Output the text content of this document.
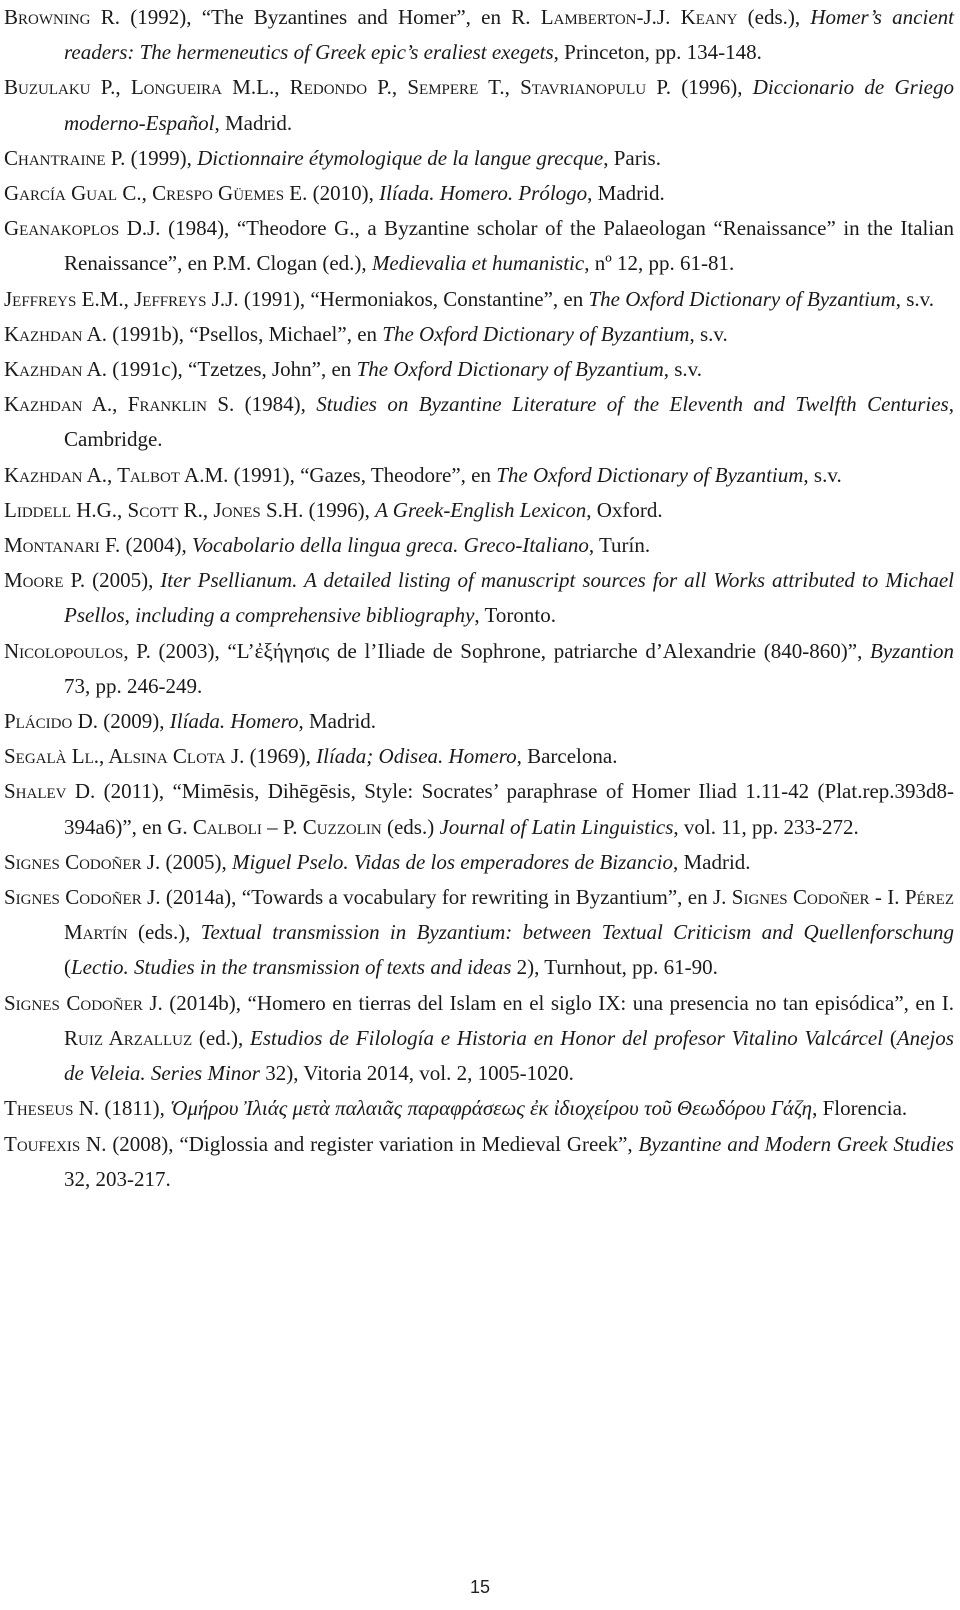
Browning R. (1992), “The Byzantines and Homer”, en R. Lamberton-J.J. Keany (eds.), Homer’s ancient readers: The hermeneutics of Greek epic’s eraliest exegets, Princeton, pp. 134-148.

Buzulaku P., Longueira M.L., Redondo P., Sempere T., Stavrianopulu P. (1996), Diccionario de Griego moderno-Español, Madrid.

Chantraine P. (1999), Dictionnaire étymologique de la langue grecque, Paris.

García Gual C., Crespo Güemes E. (2010), Ilíada. Homero. Prólogo, Madrid.

Geanakoplos D.J. (1984), “Theodore G., a Byzantine scholar of the Palaeologan “Renaissance” in the Italian Renaissance”, en P.M. Clogan (ed.), Medievalia et humanistic, nº 12, pp. 61-81.

Jeffreys E.M., Jeffreys J.J. (1991), “Hermoniakos, Constantine”, en The Oxford Dictionary of Byzantium, s.v.

Kazhdan A. (1991b), “Psellos, Michael”, en The Oxford Dictionary of Byzantium, s.v.

Kazhdan A. (1991c), “Tzetzes, John”, en The Oxford Dictionary of Byzantium, s.v.

Kazhdan A., Franklin S. (1984), Studies on Byzantine Literature of the Eleventh and Twelfth Centuries, Cambridge.

Kazhdan A., Talbot A.M. (1991), “Gazes, Theodore”, en The Oxford Dictionary of Byzantium, s.v.

Liddell H.G., Scott R., Jones S.H. (1996), A Greek-English Lexicon, Oxford.

Montanari F. (2004), Vocabolario della lingua greca. Greco-Italiano, Turín.

Moore P. (2005), Iter Psellianum. A detailed listing of manuscript sources for all Works attributed to Michael Psellos, including a comprehensive bibliography, Toronto.

Nicolopoulos, P. (2003), “L’ἐξήγησις de l’Iliade de Sophrone, patriarche d’Alexandrie (840-860)”, Byzantion 73, pp. 246-249.

Plácido D. (2009), Ilíada. Homero, Madrid.

Segalà Ll., Alsina Clota J. (1969), Ilíada; Odisea. Homero, Barcelona.

Shalev D. (2011), “Mimēsis, Dihēgēsis, Style: Socrates’ paraphrase of Homer Iliad 1.11-42 (Plat.rep.393d8-394a6)”, en G. Calboli – P. Cuzzolin (eds.) Journal of Latin Linguistics, vol. 11, pp. 233-272.

Signes Codoñer J. (2005), Miguel Pselo. Vidas de los emperadores de Bizancio, Madrid.

Signes Codoñer J. (2014a), “Towards a vocabulary for rewriting in Byzantium”, en J. Signes Codoñer - I. Pérez Martín (eds.), Textual transmission in Byzantium: between Textual Criticism and Quellenforschung (Lectio. Studies in the transmission of texts and ideas 2), Turnhout, pp. 61-90.

Signes Codoñer J. (2014b), “Homero en tierras del Islam en el siglo IX: una presencia no tan episódica”, en I. Ruiz Arzalluz (ed.), Estudios de Filología e Historia en Honor del profesor Vitalino Valcárcel (Anejos de Veleia. Series Minor 32), Vitoria 2014, vol. 2, 1005-1020.

Theseus N. (1811), Ὁμήρου Ἰλιάς μετὰ παλαιᾶς παραφράσεως ἐκ ἰδιοχείρου τοῦ Θεωδόρου Γάζη, Florencia.

Toufexis N. (2008), “Diglossia and register variation in Medieval Greek”, Byzantine and Modern Greek Studies 32, 203-217.

15
